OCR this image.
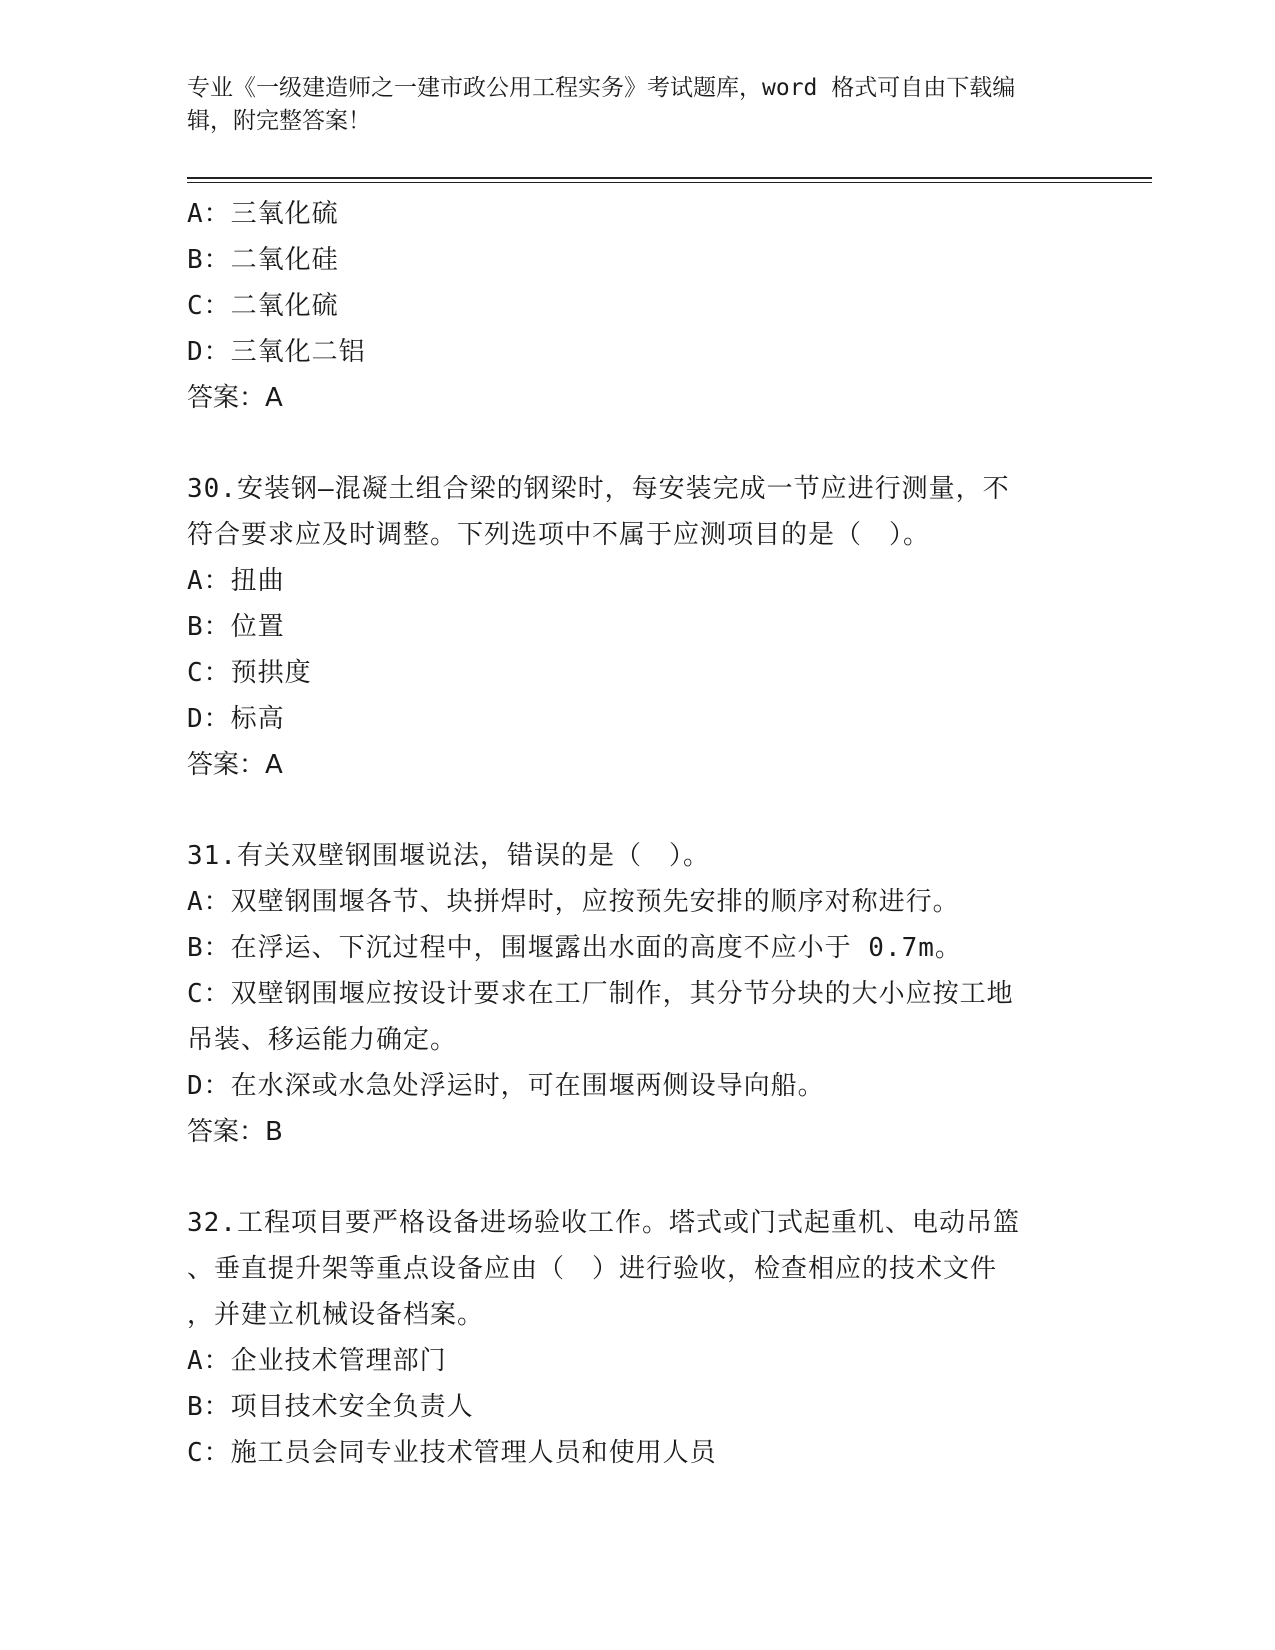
专业《一级建造师之一建市政公用工程实务》考试题库，word 格式可自由下载编
辑，附完整答案！
A：三氧化硫
B：二氧化硅
C：二氧化硫
D：三氧化二铝
答案：A
30.安装钢—混凝土组合梁的钢梁时，每安装完成一节应进行测量，不
符合要求应及时调整。下列选项中不属于应测项目的是（　）。
A：扭曲
B：位置
C：预拱度
D：标高
答案：A
31.有关双壁钢围堰说法，错误的是（　）。
A：双壁钢围堰各节、块拼焊时，应按预先安排的顺序对称进行。
B：在浮运、下沉过程中，围堰露出水面的高度不应小于 0.7m。
C：双壁钢围堰应按设计要求在工厂制作，其分节分块的大小应按工地
吊装、移运能力确定。
D：在水深或水急处浮运时，可在围堰两侧设导向船。
答案：B
32.工程项目要严格设备进场验收工作。塔式或门式起重机、电动吊篮
、垂直提升架等重点设备应由（　）进行验收，检查相应的技术文件
，并建立机械设备档案。
A：企业技术管理部门
B：项目技术安全负责人
C：施工员会同专业技术管理人员和使用人员
